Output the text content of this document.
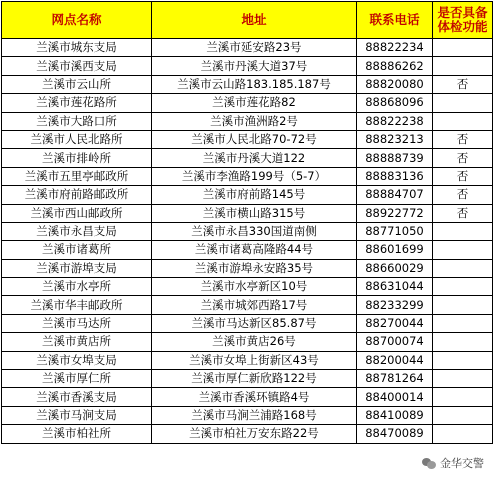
网点名称	地址	联系电话	是否具备体检功能
兰溪市城东支局	兰溪市延安路23号	88822234	
兰溪市溪西支局	兰溪市丹溪大道37号	88886262	
兰溪市云山所	兰溪市云山路183.185.187号	88820080	否
兰溪市莲花路所	兰溪市莲花路82	88868096	
兰溪市大路口所	兰溪市渔洲路2号	88822238	
兰溪市人民北路所	兰溪市人民北路70-72号	88823213	否
兰溪市排岭所	兰溪市丹溪大道122	88888739	否
兰溪市五里亭邮政所	兰溪市李渔路199号（5-7）	88883136	否
兰溪市府前路邮政所	兰溪市府前路145号	88884707	否
兰溪市西山邮政所	兰溪市横山路315号	88922772	否
兰溪市永昌支局	兰溪市永昌330国道南侧	88771050	
兰溪市诸葛所	兰溪市诸葛高隆路44号	88601699	
兰溪市游埠支局	兰溪市游埠永安路35号	88660029	
兰溪市水亭所	兰溪市水亭新区10号	88631044	
兰溪市华丰邮政所	兰溪市城郊西路17号	88233299	
兰溪市马达所	兰溪市马达新区85.87号	88270044	
兰溪市黄店所	兰溪市黄店26号	88700074	
兰溪市女埠支局	兰溪市女埠上街新区43号	88200044	
兰溪市厚仁所	兰溪市厚仁新欣路122号	88781264	
兰溪市香溪支局	兰溪市香溪环镇路4号	88400014	
兰溪市马涧支局	兰溪市马涧兰浦路168号	88410089	
兰溪市柏社所	兰溪市柏社万安东路22号	88470089	
金华交警
